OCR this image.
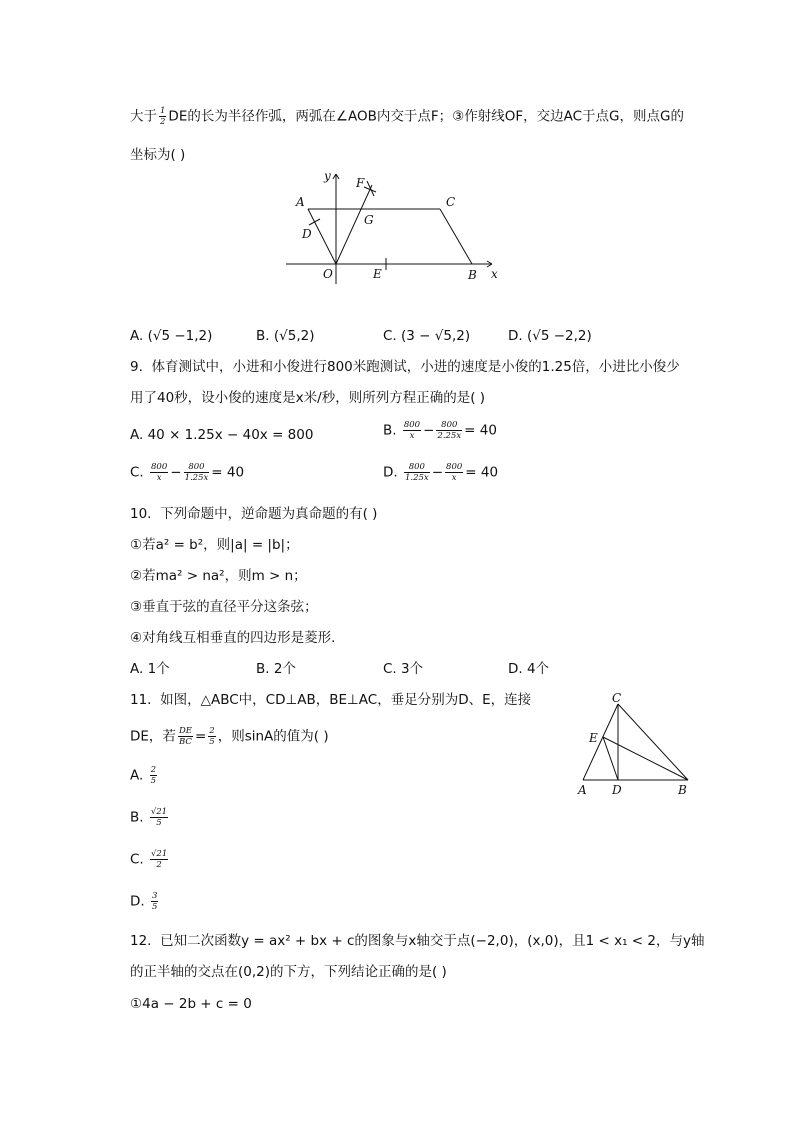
大于 $\frac{1}{2}$ DE的长为半径作弧，两弧在∠AOB内交于点F；③作射线OF，交边AC于点G，则点G的
坐标为( )
y
x
F
A	C
D
G
O	E	B
A. (√5 −1,2)	B. (√5,2)	C. (3 − √5,2)	D. (√5 −2,2)
9. 体育测试中，小进和小俊进行800米跑测试，小进的速度是小俊的1.25倍，小进比小俊少
用了40秒，设小俊的速度是x米/秒，则所列方程正确的是( )
A. 40 × 1.25x − 40x = 800	B. $\frac{800}{x} - \frac{800}{2.25x} = 40$
C. $\frac{800}{x} - \frac{800}{1.25x} = 40$	D. $\frac{800}{1.25x} - \frac{800}{x} = 40$
10. 下列命题中，逆命题为真命题的有( )
①若a² = b²，则|a| = |b|；
②若ma² > na²，则m > n；
③垂直于弦的直径平分这条弦；
④对角线互相垂直的四边形是菱形.
A. 1个	B. 2个	C. 3个	D. 4个
11. 如图，△ABC中，CD⊥AB，BE⊥AC，垂足分别为D、E，连接
DE，若 $\frac{DE}{BC} = \frac{2}{5}$ ，则sinA的值为( )
C
E
A D	B
A. $\frac{2}{5}$
B. $\frac{√21}{5}$
C. $\frac{√21}{2}$
D. $\frac{3}{5}$
12. 已知二次函数y = ax² + bx + c的图象与x轴交于点(−2,0)，(x,0)，且1 < x₁ < 2，与y轴
的正半轴的交点在(0,2)的下方，下列结论正确的是( )
①4a − 2b + c = 0
